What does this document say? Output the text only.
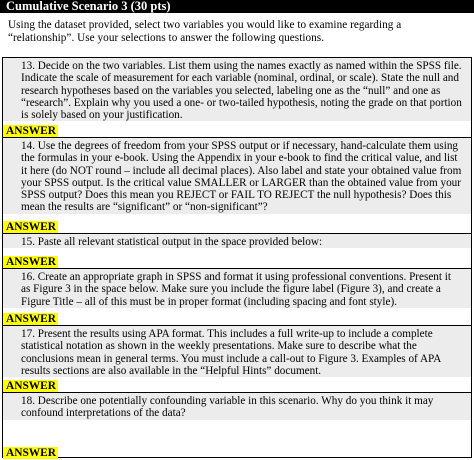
Cumulative Scenario 3 (30 pts)
Using the dataset provided, select two variables you would like to examine regarding a “relationship”. Use your selections to answer the following questions.
13. Decide on the two variables. List them using the names exactly as named within the SPSS file. Indicate the scale of measurement for each variable (nominal, ordinal, or scale). State the null and research hypotheses based on the variables you selected, labeling one as the “null” and one as “research”. Explain why you used a one- or two-tailed hypothesis, noting the grade on that portion is solely based on your justification.
ANSWER
14. Use the degrees of freedom from your SPSS output or if necessary, hand-calculate them using the formulas in your e-book. Using the Appendix in your e-book to find the critical value, and list it here (do NOT round – include all decimal places). Also label and state your obtained value from your SPSS output. Is the critical value SMALLER or LARGER than the obtained value from your SPSS output? Does this mean you REJECT or FAIL TO REJECT the null hypothesis? Does this mean the results are “significant” or “non-significant”?
ANSWER
15. Paste all relevant statistical output in the space provided below:
ANSWER
16. Create an appropriate graph in SPSS and format it using professional conventions. Present it as Figure 3 in the space below. Make sure you include the figure label (Figure 3), and create a Figure Title – all of this must be in proper format (including spacing and font style).
ANSWER
17. Present the results using APA format. This includes a full write-up to include a complete statistical notation as shown in the weekly presentations. Make sure to describe what the conclusions mean in general terms. You must include a call-out to Figure 3. Examples of APA results sections are also available in the “Helpful Hints” document.
ANSWER
18. Describe one potentially confounding variable in this scenario. Why do you think it may confound interpretations of the data?
ANSWER
